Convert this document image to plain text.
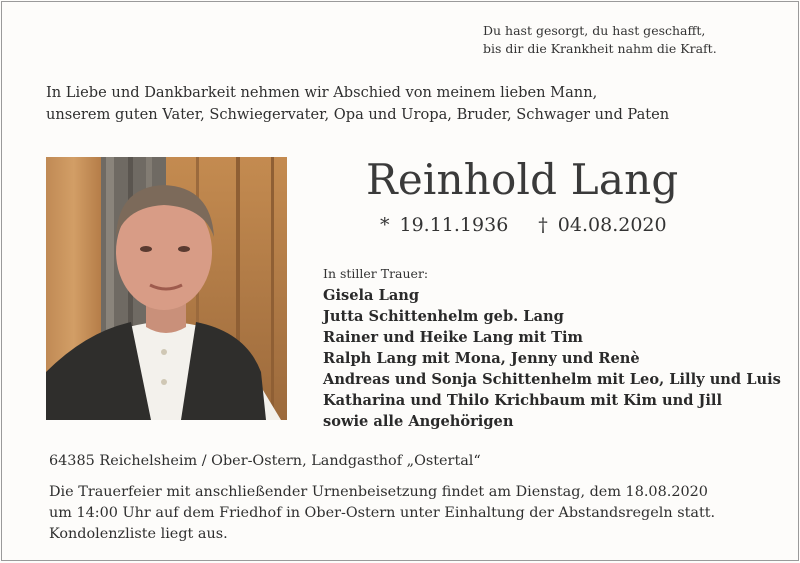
Du hast gesorgt, du hast geschafft,
bis dir die Krankheit nahm die Kraft.
In Liebe und Dankbarkeit nehmen wir Abschied von meinem lieben Mann,
unserem guten Vater, Schwiegervater, Opa und Uropa, Bruder, Schwager und Paten
Reinhold Lang
* 19.11.1936 † 04.08.2020
In stiller Trauer:
Gisela Lang
Jutta Schittenhelm geb. Lang
Rainer und Heike Lang mit Tim
Ralph Lang mit Mona, Jenny und Renè
Andreas und Sonja Schittenhelm mit Leo, Lilly und Luis
Katharina und Thilo Krichbaum mit Kim und Jill
sowie alle Angehörigen
64385 Reichelsheim / Ober-Ostern, Landgasthof „Ostertal“
Die Trauerfeier mit anschließender Urnenbeisetzung findet am Dienstag, dem 18.08.2020
um 14:00 Uhr auf dem Friedhof in Ober-Ostern unter Einhaltung der Abstandsregeln statt.
Kondolenzliste liegt aus.
